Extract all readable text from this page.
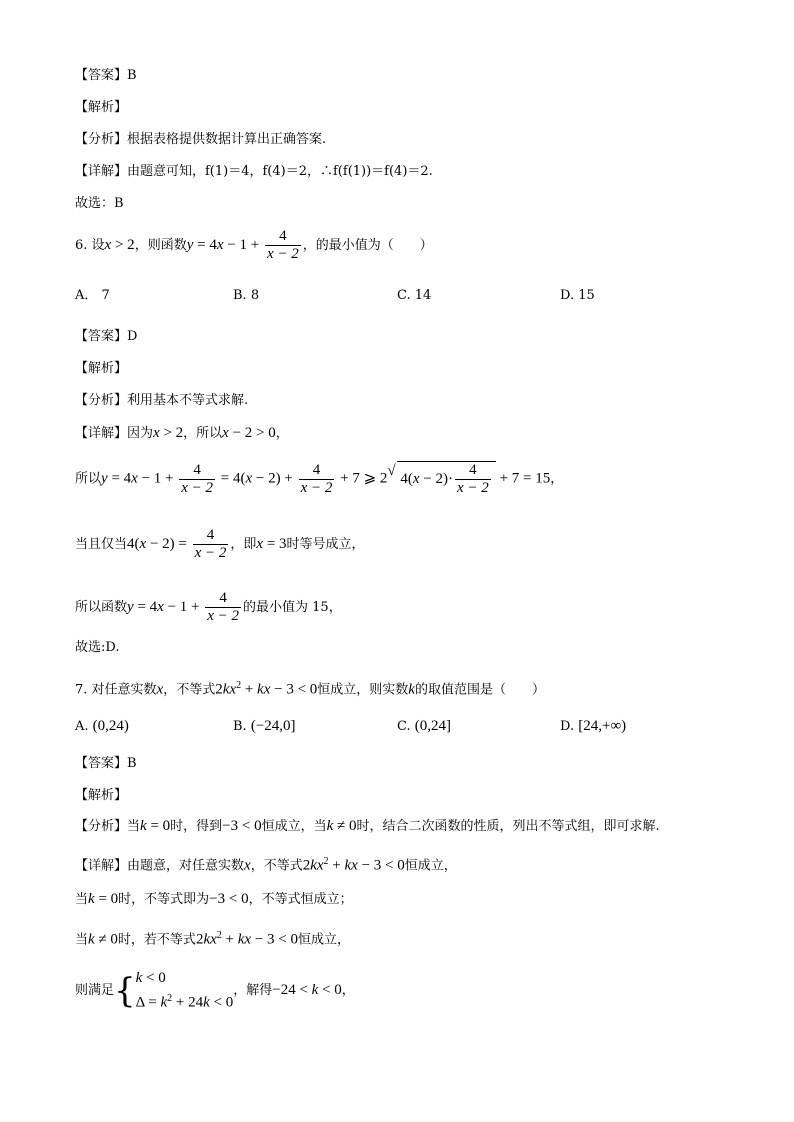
【答案】B
【解析】
【分析】根据表格提供数据计算出正确答案.
【详解】由题意可知，f(1)＝4，f(4)＝2，∴f(f(1))＝f(4)＝2.
故选：B
6. 设x > 2，则函数$y = 4x - 1 + \frac{4}{x - 2}$ ，的最小值为（　　）
A． 7	B. 8	C. 14	D. 15
【答案】D
【解析】
【分析】利用基本不等式求解.
【详解】因为x > 2，所以x − 2 > 0，
所以$y = 4x - 1 + \frac{4}{x - 2} = 4(x - 2) + \frac{4}{x - 2} + 7$ ⩾ 2 √ $4(x - 2)\cdot \frac{4}{x - 2} + 7 = 15$，
当且仅当$4(x - 2) = \frac{4}{x - 2}$ ，即x = 3时等号成立，
所以函数$y = 4x - 1 + \frac{4}{x - 2}$ 的最小值为 15，
故选:D.
7. 对任意实数x，不等式$2kx^2$ + kx − 3 < 0恒成立，则实数k的取值范围是（　　）
A. (0,24)	B. (−24,0]	C. (0,24]	D. [24,+∞)
【答案】B
【解析】
【分析】当k = 0时，得到−3 < 0恒成立，当k ≠ 0时，结合二次函数的性质，列出不等式组，即可求解.
【详解】由题意，对任意实数x，不等式$2kx^2$ + kx − 3 < 0恒成立，
当k = 0时，不等式即为−3 < 0，不等式恒成立；
当k ≠ 0时，若不等式$2kx^2$ + kx − 3 < 0恒成立，
则满足{ k < 0
$\Delta = k^2 + 24k < 0$
，解得−24 < k < 0，
